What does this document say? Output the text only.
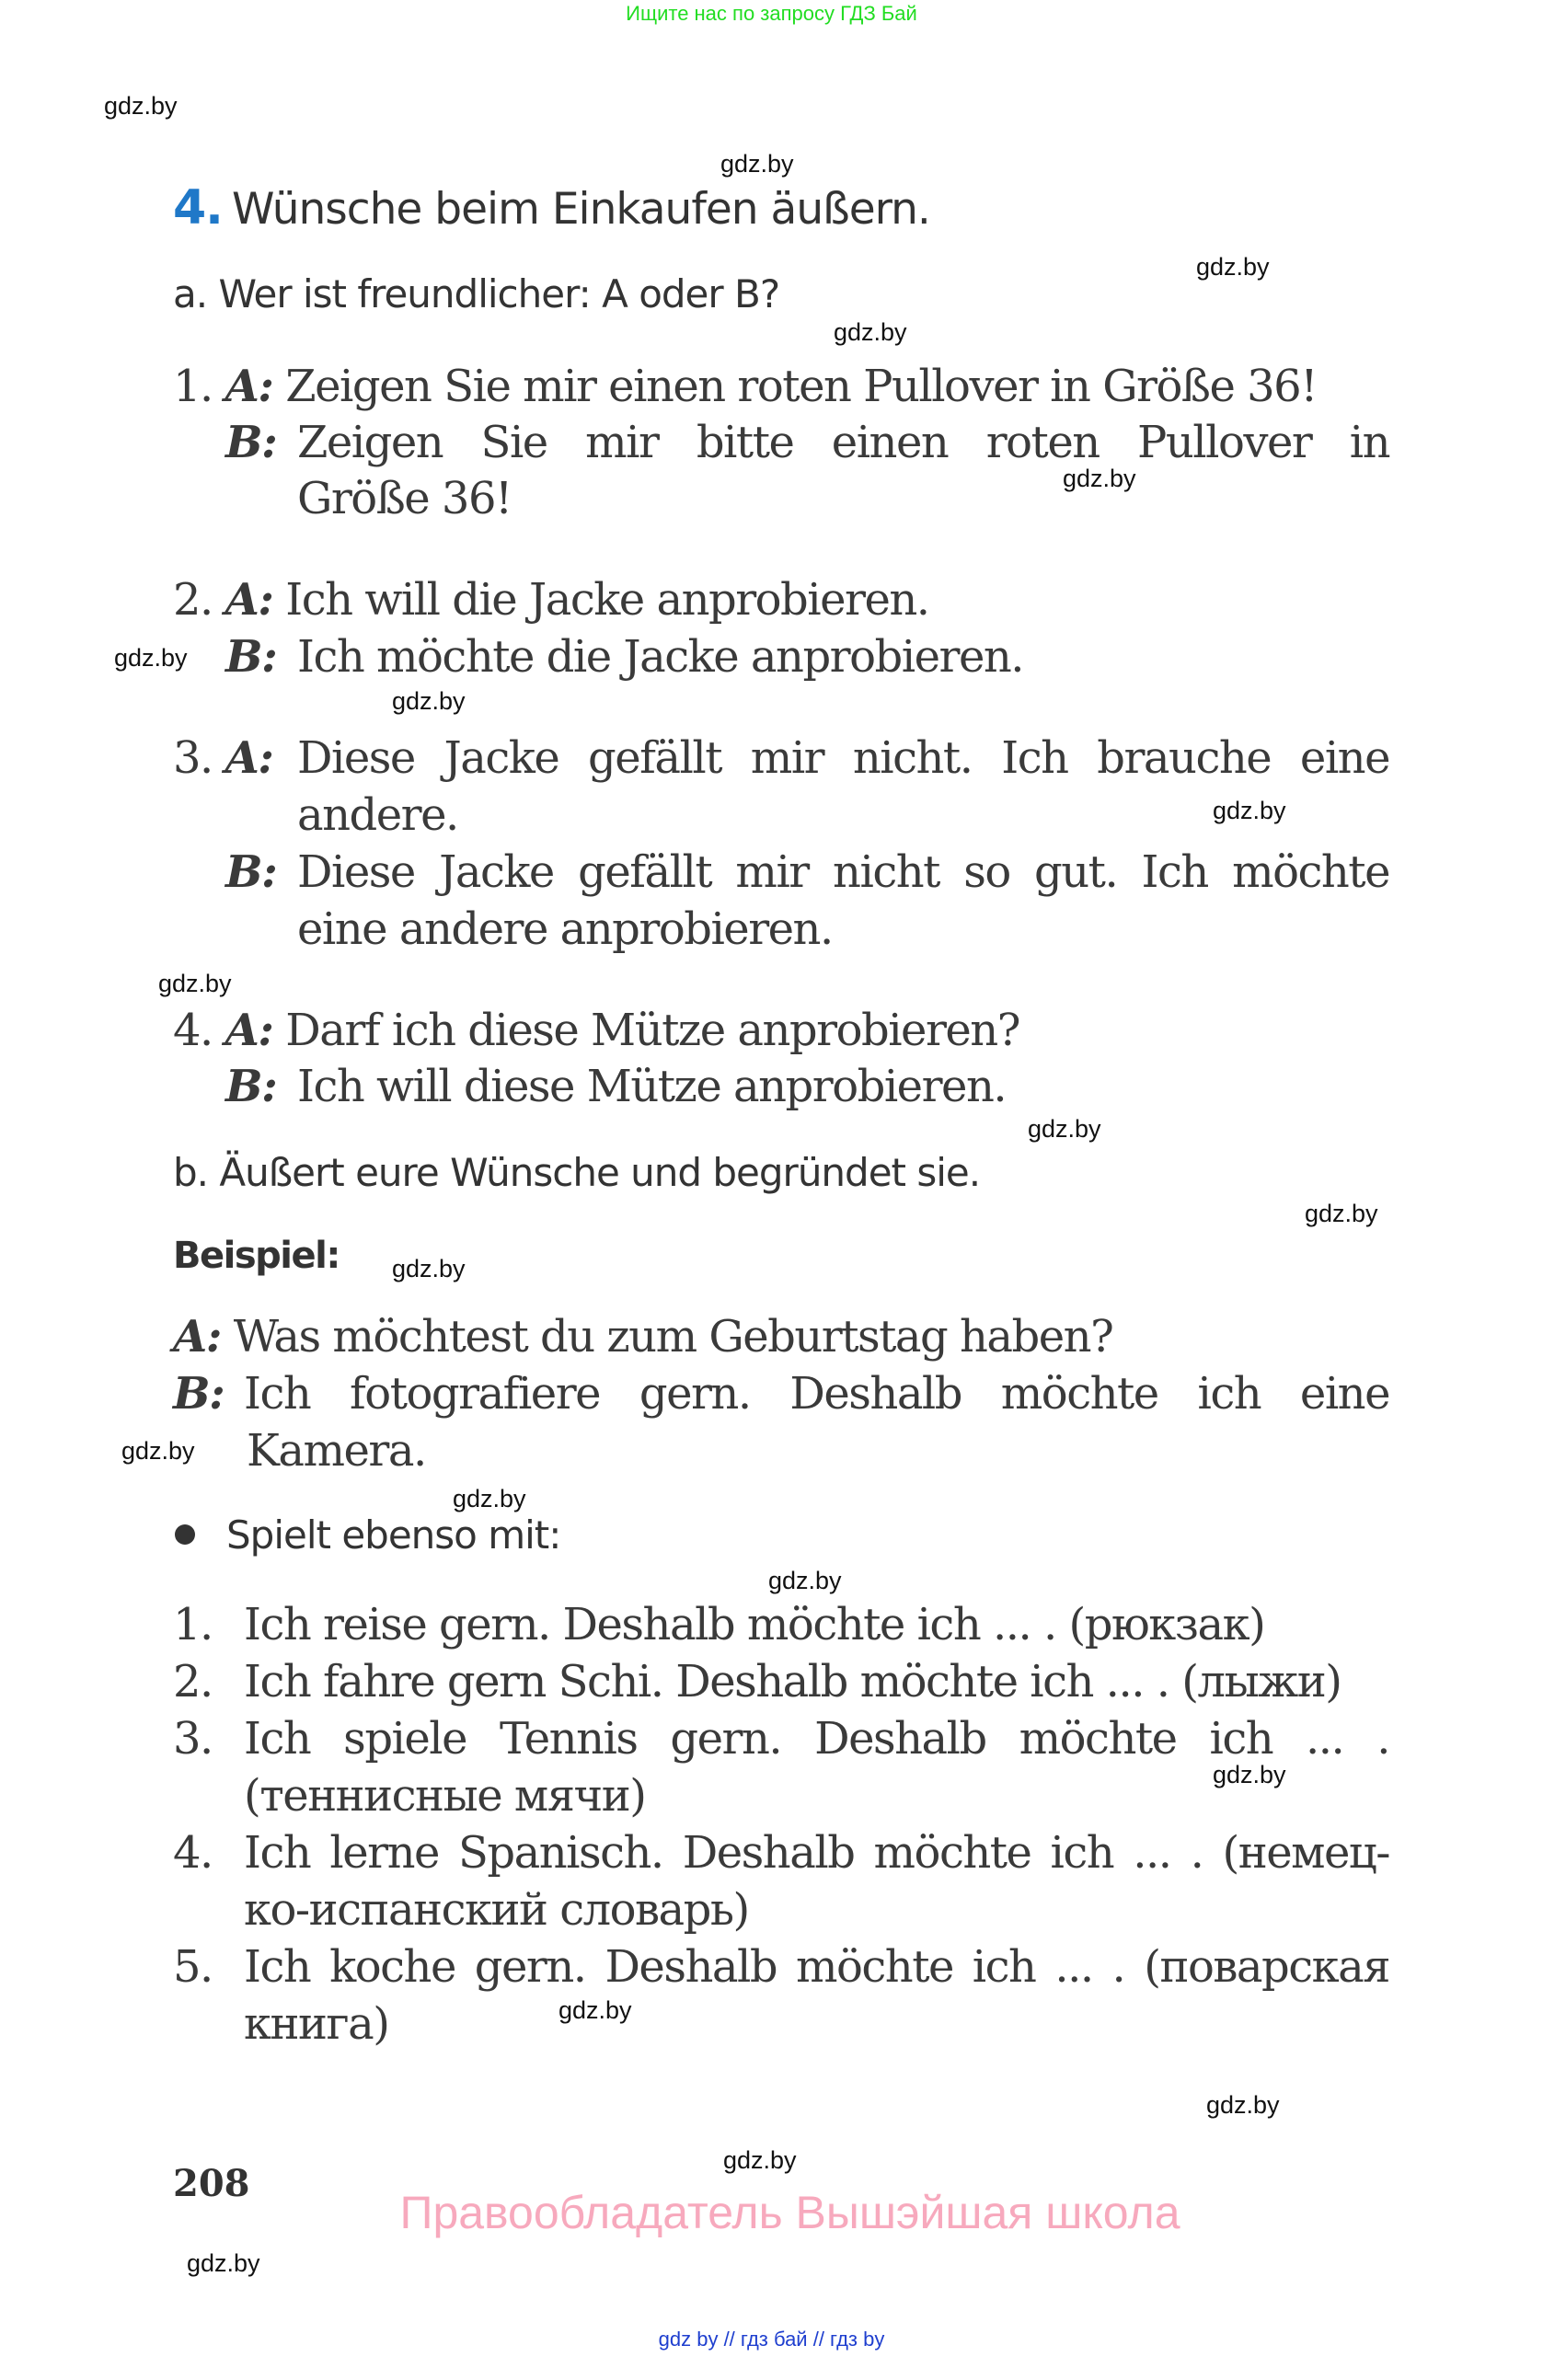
Ищите нас по запросу ГДЗ Бай
gdz.by
gdz.by
gdz.by
gdz.by
gdz.by
gdz.by
gdz.by
gdz.by
gdz.by
gdz.by
gdz.by
gdz.by
gdz.by
gdz.by
gdz.by
gdz.by
gdz.by
gdz.by
gdz.by
gdz.by
4. Wünsche beim Einkaufen äußern.
a. Wer ist freundlicher: A oder B?
1. A: Zeigen Sie mir einen roten Pullover in Größe 36!
B: Zeigen Sie mir bitte einen roten Pullover in
Größe 36!
2. A: Ich will die Jacke anprobieren.
B: Ich möchte die Jacke anprobieren.
3. A: Diese Jacke gefällt mir nicht. Ich brauche eine
andere.
B: Diese Jacke gefällt mir nicht so gut. Ich möchte
eine andere anprobieren.
4. A: Darf ich diese Mütze anprobieren?
B: Ich will diese Mütze anprobieren.
b. Äußert eure Wünsche und begründet sie.
Beispiel:
A: Was möchtest du zum Geburtstag haben?
B: Ich fotografiere gern. Deshalb möchte ich eine
Kamera.
Spielt ebenso mit:
1. Ich reise gern. Deshalb möchte ich ... . (рюкзак)
2. Ich fahre gern Schi. Deshalb möchte ich ... . (лыжи)
3. Ich spiele Tennis gern. Deshalb möchte ich ... .
(теннисные мячи)
4. Ich lerne Spanisch. Deshalb möchte ich ... . (немец-
ко-испанский словарь)
5. Ich koche gern. Deshalb möchte ich ... . (поварская
книга)
208
Правообладатель Вышэйшая школа
gdz by // гдз бай // гдз by
